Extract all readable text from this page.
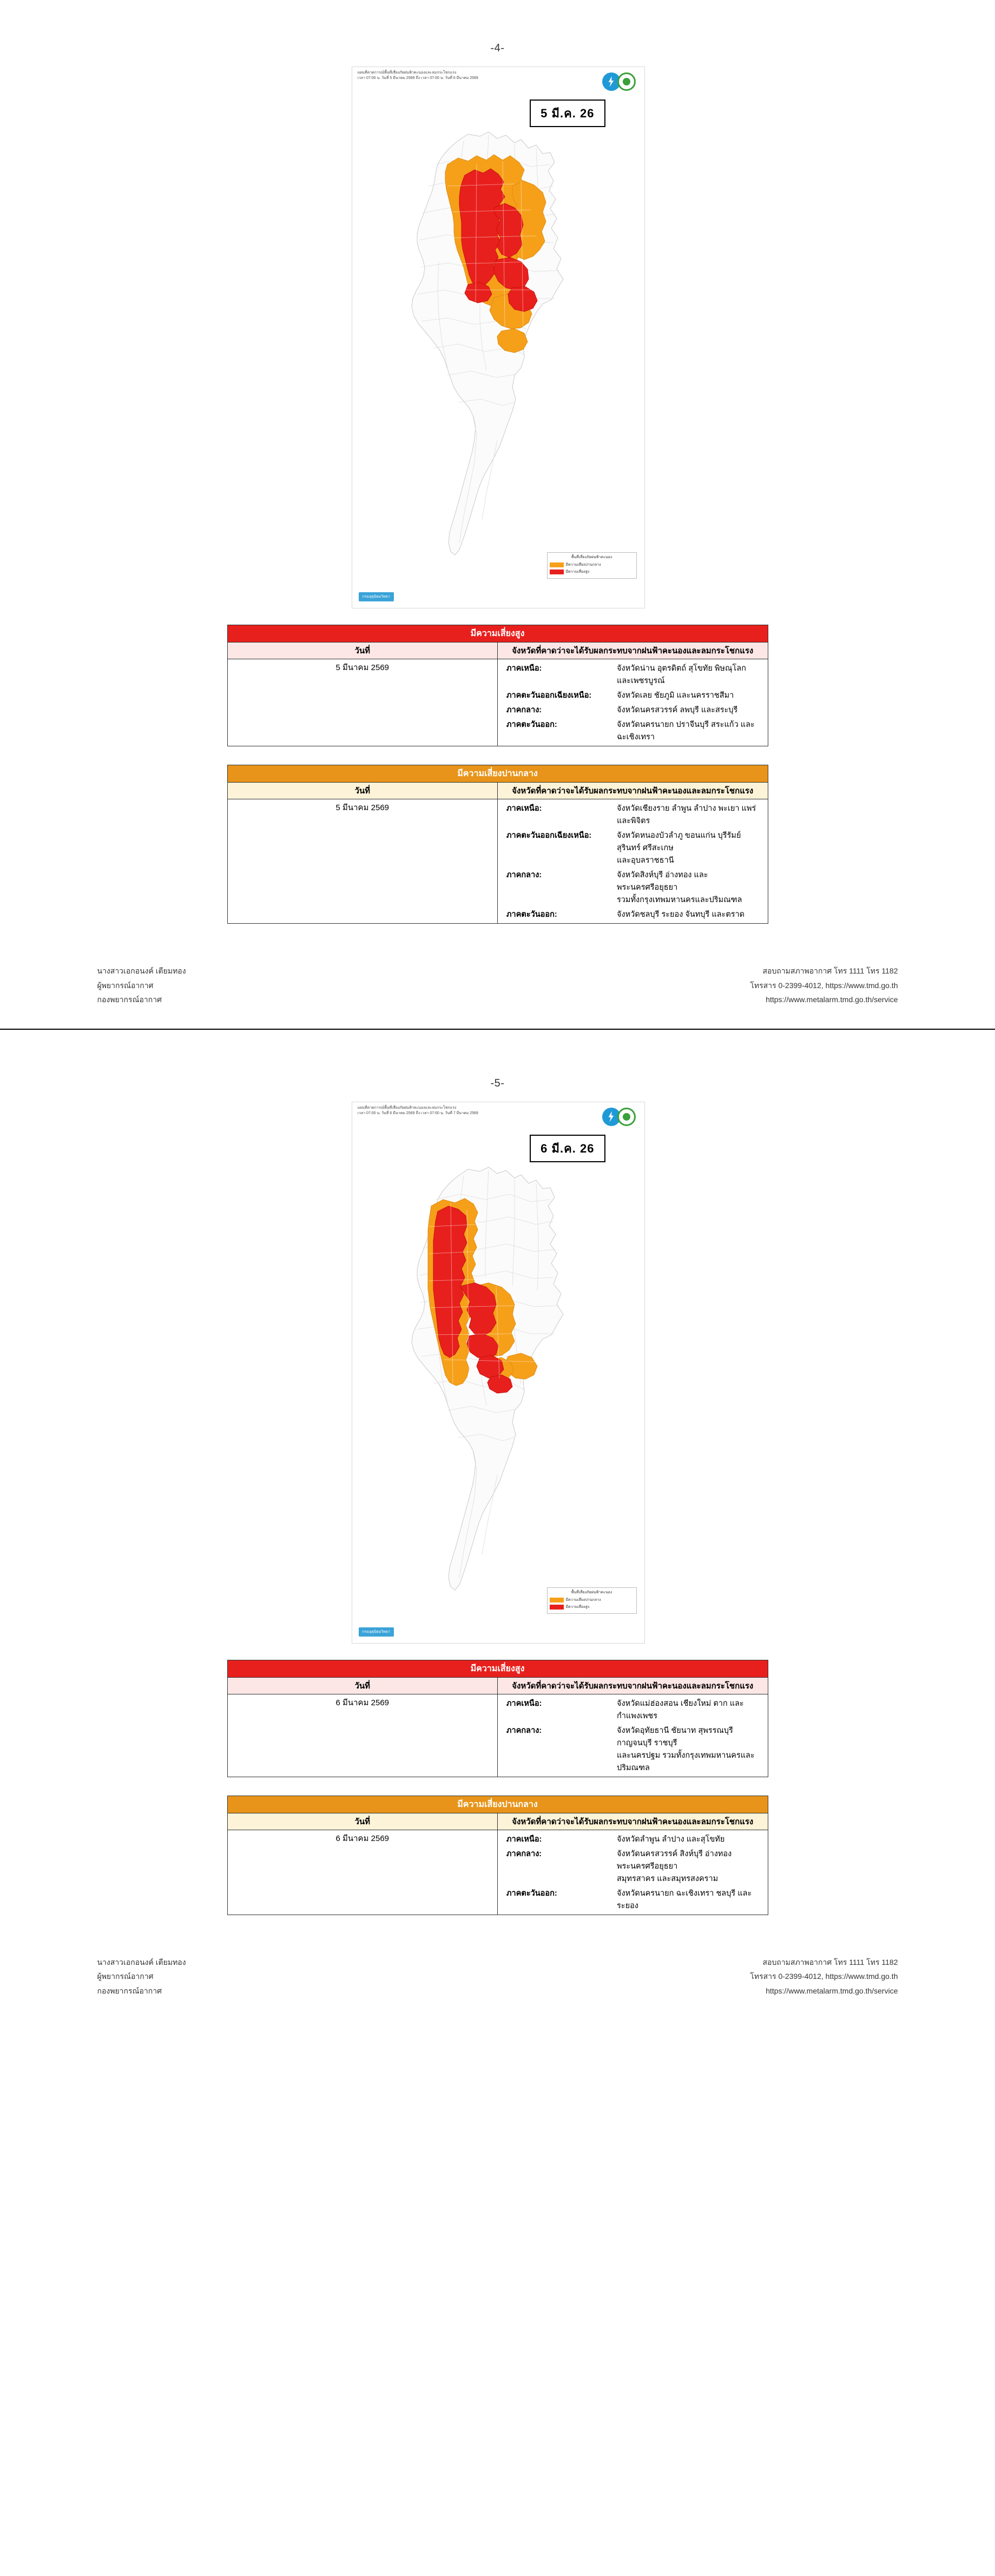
-4-
แผนที่คาดการณ์พื้นที่เสี่ยงภัยฝนฟ้าคะนองและลมกระโชกแรง
เวลา 07:00 น. วันที่ 5 มีนาคม 2569 ถึง เวลา 07:00 น. วันที่ 6 มีนาคม 2569
5 มี.ค. 26
พื้นที่เสี่ยงภัยฝนฟ้าคะนอง
มีความเสี่ยงปานกลาง
มีความเสี่ยงสูง
กรมอุตุนิยมวิทยา
มีความเสี่ยงสูง
วันที่	จังหวัดที่คาดว่าจะได้รับผลกระทบจากฝนฟ้าคะนองและลมกระโชกแรง
5 มีนาคม 2569		ภาคเหนือ:	จังหวัดน่าน อุตรดิตถ์ สุโขทัย พิษณุโลก และเพชรบูรณ์
ภาคตะวันออกเฉียงเหนือ:	จังหวัดเลย ชัยภูมิ และนครราชสีมา
ภาคกลาง:	จังหวัดนครสวรรค์ ลพบุรี และสระบุรี
ภาคตะวันออก:	จังหวัดนครนายก ปราจีนบุรี สระแก้ว และฉะเชิงเทรา
มีความเสี่ยงปานกลาง
วันที่	จังหวัดที่คาดว่าจะได้รับผลกระทบจากฝนฟ้าคะนองและลมกระโชกแรง
5 มีนาคม 2569		ภาคเหนือ:	จังหวัดเชียงราย ลำพูน ลำปาง พะเยา แพร่ และพิจิตร
ภาคตะวันออกเฉียงเหนือ:	จังหวัดหนองบัวลำภู ขอนแก่น บุรีรัมย์ สุรินทร์ ศรีสะเกษ
และอุบลราชธานี
ภาคกลาง:	จังหวัดสิงห์บุรี อ่างทอง และพระนครศรีอยุธยา
รวมทั้งกรุงเทพมหานครและปริมณฑล
ภาคตะวันออก:	จังหวัดชลบุรี ระยอง จันทบุรี และตราด
นางสาวเอกอนงค์ เตียมทอง
ผู้พยากรณ์อากาศ
กองพยากรณ์อากาศ
สอบถามสภาพอากาศ โทร 1111 โทร 1182
โทรสาร 0-2399-4012, https://www.tmd.go.th
https://www.metalarm.tmd.go.th/service
-5-
แผนที่คาดการณ์พื้นที่เสี่ยงภัยฝนฟ้าคะนองและลมกระโชกแรง
เวลา 07:00 น. วันที่ 6 มีนาคม 2569 ถึง เวลา 07:00 น. วันที่ 7 มีนาคม 2569
6 มี.ค. 26
พื้นที่เสี่ยงภัยฝนฟ้าคะนอง
มีความเสี่ยงปานกลาง
มีความเสี่ยงสูง
กรมอุตุนิยมวิทยา
มีความเสี่ยงสูง
วันที่	จังหวัดที่คาดว่าจะได้รับผลกระทบจากฝนฟ้าคะนองและลมกระโชกแรง
6 มีนาคม 2569		ภาคเหนือ:	จังหวัดแม่ฮ่องสอน เชียงใหม่ ตาก และกำแพงเพชร
ภาคกลาง:	จังหวัดอุทัยธานี ชัยนาท สุพรรณบุรี กาญจนบุรี ราชบุรี
และนครปฐม รวมทั้งกรุงเทพมหานครและปริมณฑล
มีความเสี่ยงปานกลาง
วันที่	จังหวัดที่คาดว่าจะได้รับผลกระทบจากฝนฟ้าคะนองและลมกระโชกแรง
6 มีนาคม 2569		ภาคเหนือ:	จังหวัดลำพูน ลำปาง และสุโขทัย
ภาคกลาง:	จังหวัดนครสวรรค์ สิงห์บุรี อ่างทอง พระนครศรีอยุธยา
สมุทรสาคร และสมุทรสงคราม
ภาคตะวันออก:	จังหวัดนครนายก ฉะเชิงเทรา ชลบุรี และระยอง
นางสาวเอกอนงค์ เตียมทอง
ผู้พยากรณ์อากาศ
กองพยากรณ์อากาศ
สอบถามสภาพอากาศ โทร 1111 โทร 1182
โทรสาร 0-2399-4012, https://www.tmd.go.th
https://www.metalarm.tmd.go.th/service
